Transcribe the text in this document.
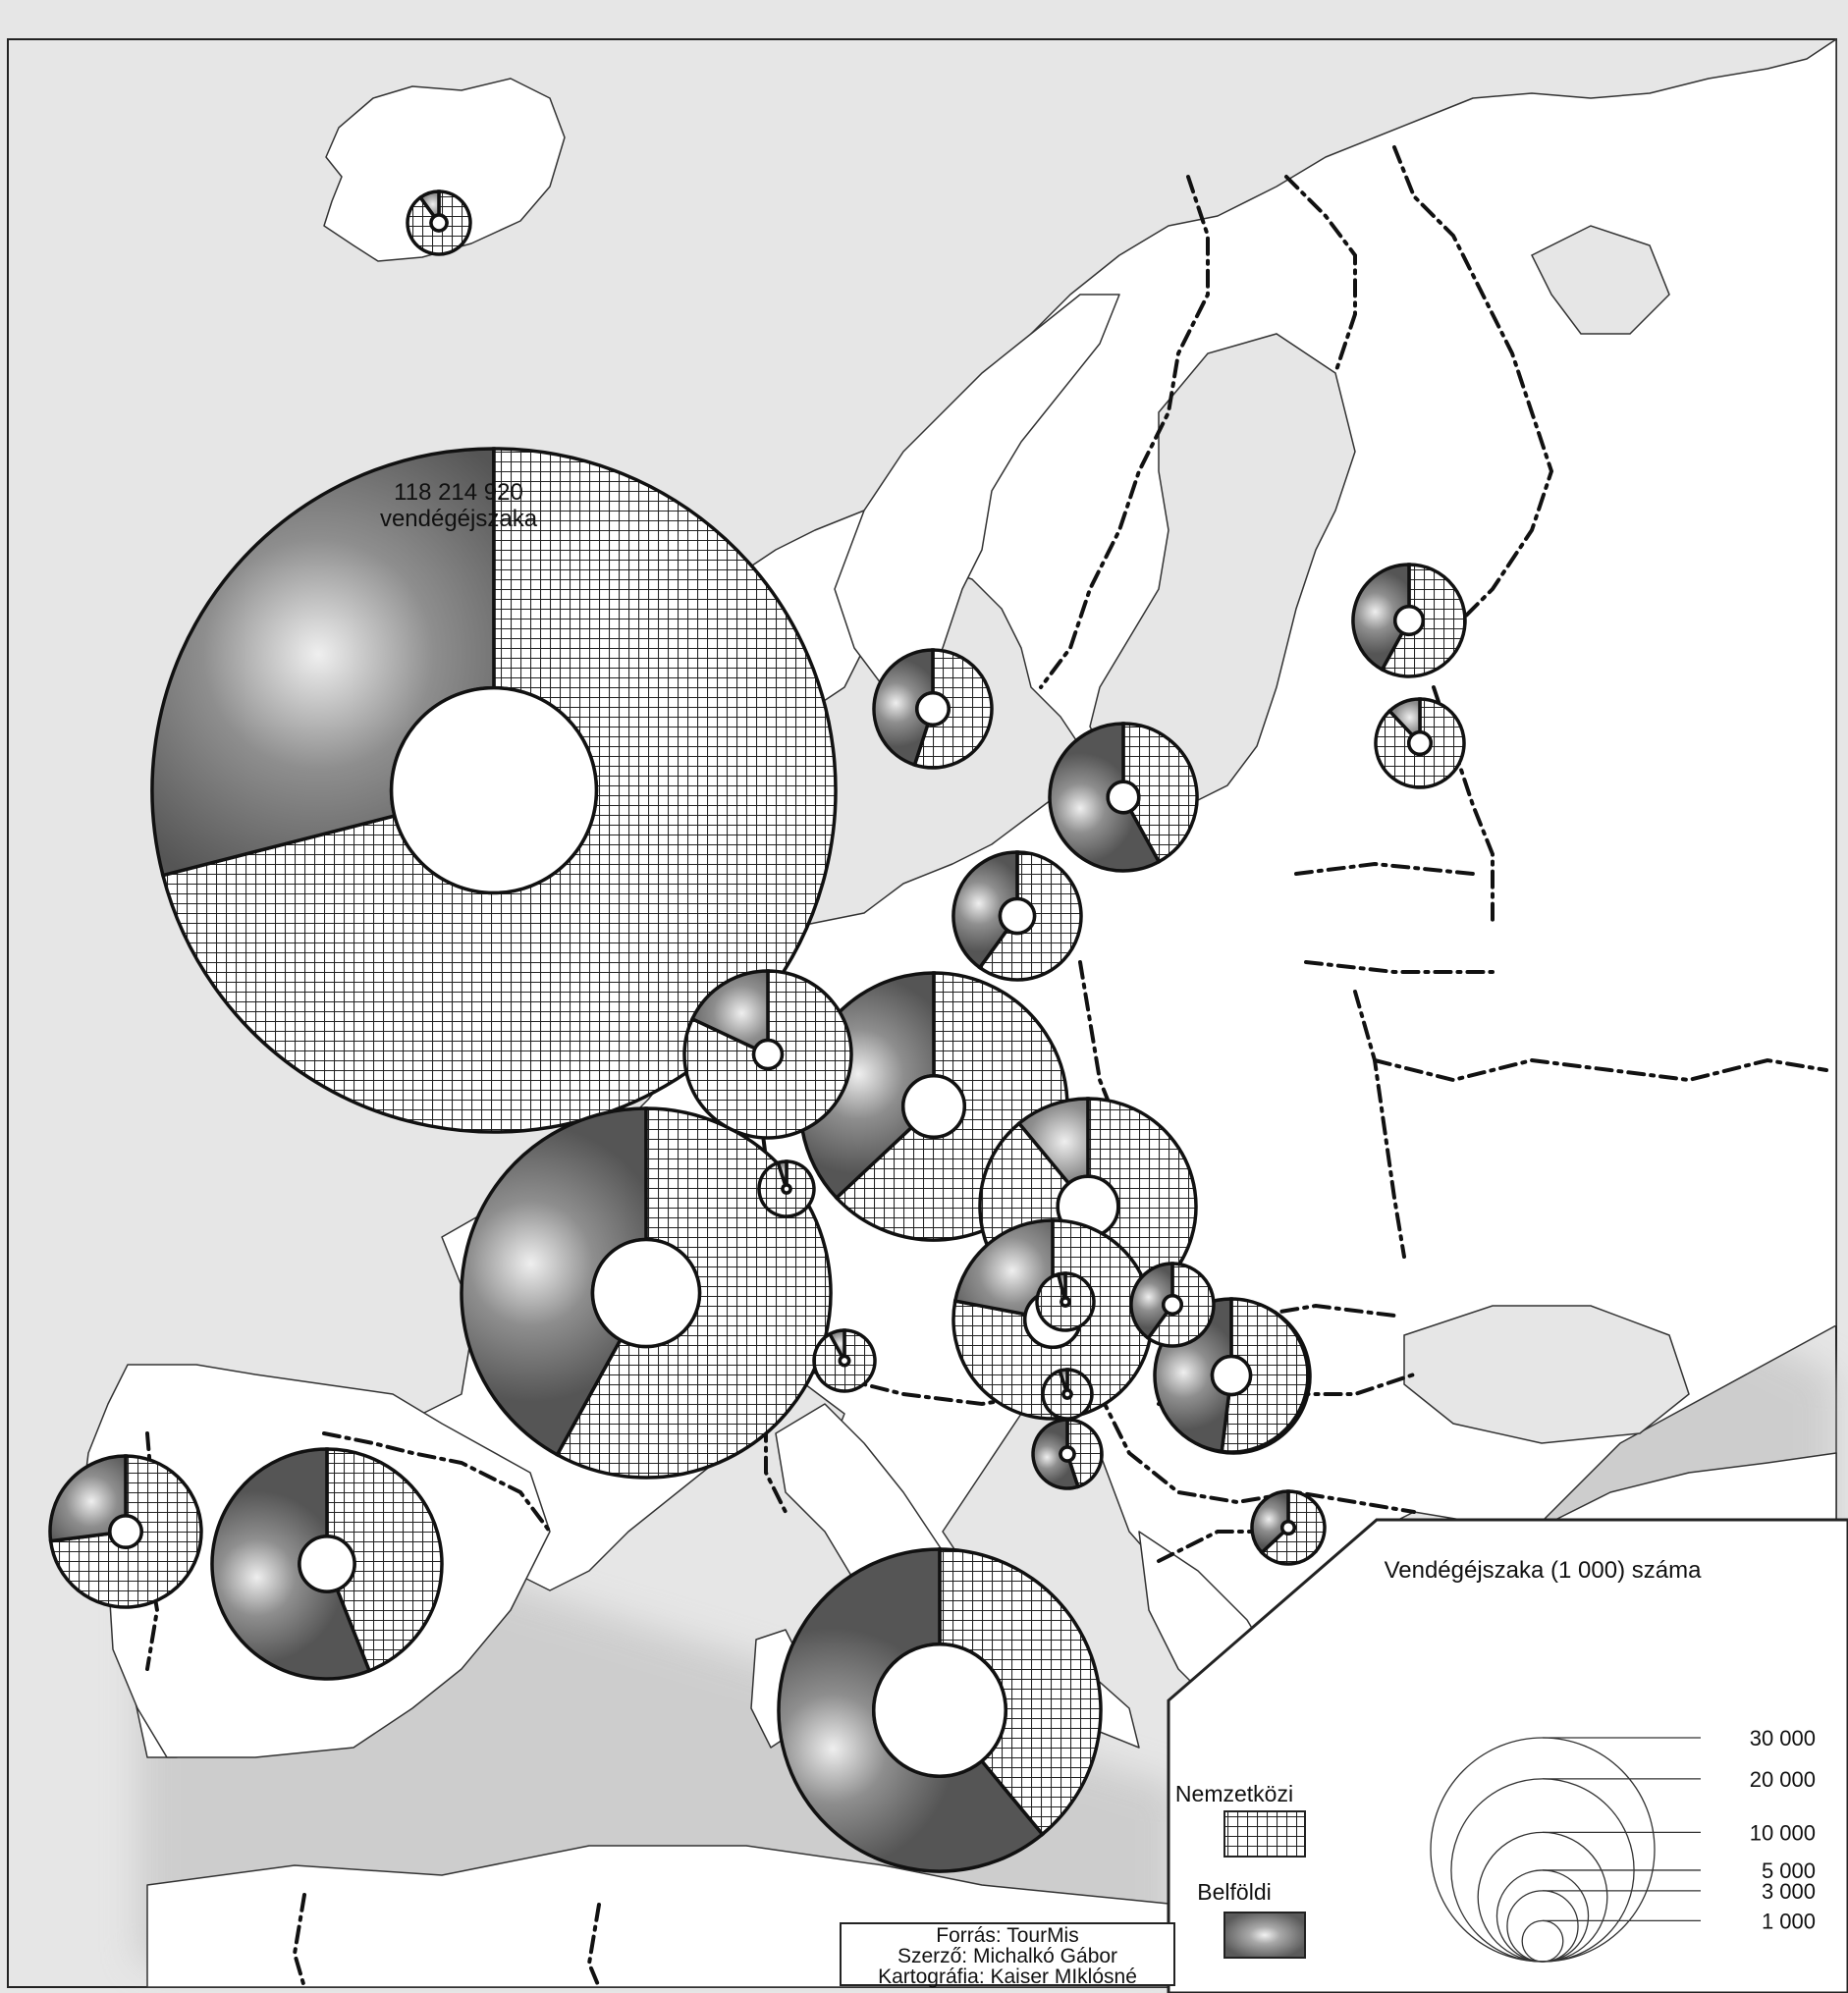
118 214 920
vendégéjszaka
Vendégéjszaka (1 000) száma
30 000
20 000
10 000
5 000
3 000
1 000
Nemzetközi
Belföldi
Forrás: TourMis
Szerző: Michalkó Gábor
Kartográfia: Kaiser MIklósné
